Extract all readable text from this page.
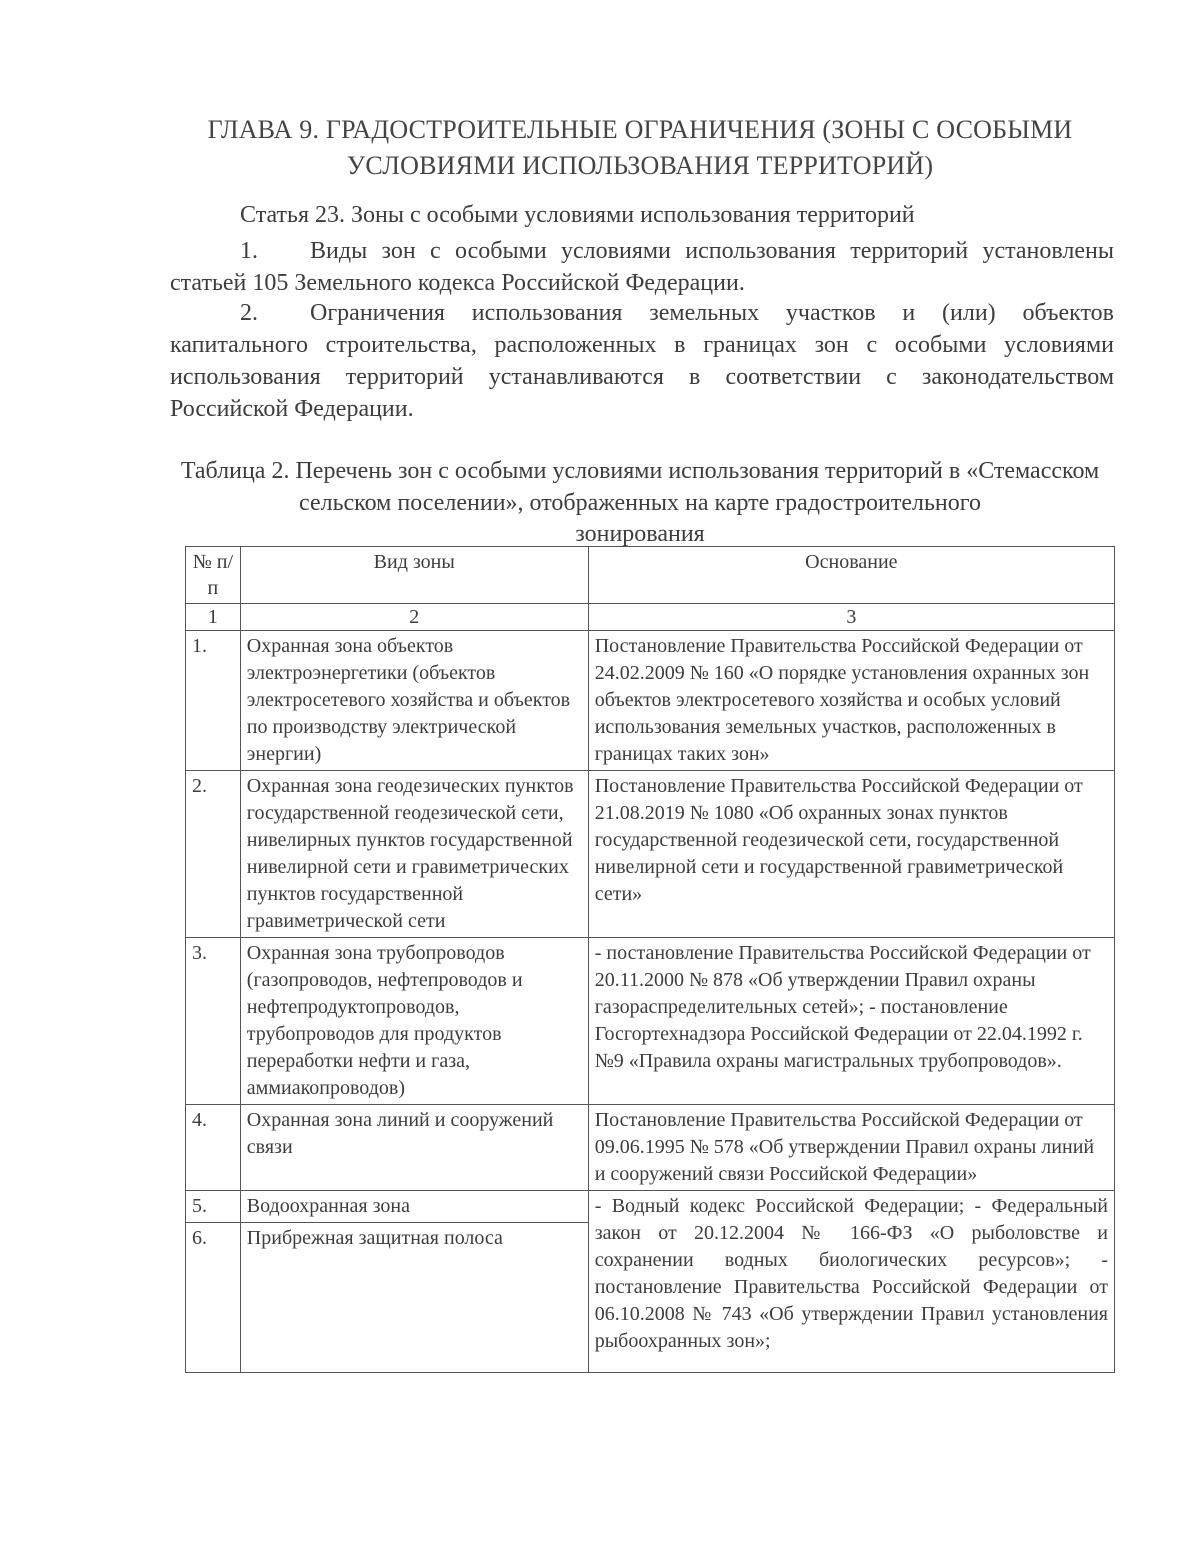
ГЛАВА 9. ГРАДОСТРОИТЕЛЬНЫЕ ОГРАНИЧЕНИЯ (ЗОНЫ С ОСОБЫМИ УСЛОВИЯМИ ИСПОЛЬЗОВАНИЯ ТЕРРИТОРИЙ)
Статья 23. Зоны с особыми условиями использования территорий
1. Виды зон с особыми условиями использования территорий установлены статьей 105 Земельного кодекса Российской Федерации.
2. Ограничения использования земельных участков и (или) объектов капитального строительства, расположенных в границах зон с особыми условиями использования территорий устанавливаются в соответствии с законодательством Российской Федерации.
Таблица 2. Перечень зон с особыми условиями использования территорий в «Стемасском сельском поселении», отображенных на карте градостроительного
зонирования
№ п/п	Вид зоны	Основание
1	2	3
1.	Охранная зона объектов электроэнергетики (объектов электросетевого хозяйства и объектов по производству электрической энергии)	Постановление Правительства Российской Федерации от 24.02.2009 № 160 «О порядке установления охранных зон объектов электросетевого хозяйства и особых условий использования земельных участков, расположенных в границах таких зон»
2.	Охранная зона геодезических пунктов государственной геодезической сети, нивелирных пунктов государственной нивелирной сети и гравиметрических пунктов государственной гравиметрической сети	Постановление Правительства Российской Федерации от 21.08.2019 № 1080 «Об охранных зонах пунктов государственной геодезической сети, государственной нивелирной сети и государственной гравиметрической сети»
3.	Охранная зона трубопроводов (газопроводов, нефтепроводов и нефтепродуктопроводов, трубопроводов для продуктов переработки нефти и газа, аммиакопроводов)	- постановление Правительства Российской Федерации от 20.11.2000 № 878 «Об утверждении Правил охраны газораспределительных сетей»; - постановление Госгортехнадзора Российской Федерации от 22.04.1992 г. №9 «Правила охраны магистральных трубопроводов».
4.	Охранная зона линий и сооружений связи	Постановление Правительства Российской Федерации от 09.06.1995 № 578 «Об утверждении Правил охраны линий и сооружений связи Российской Федерации»
5.	Водоохранная зона	- Водный кодекс Российской Федерации; - Федеральный закон от 20.12.2004 № 166-ФЗ «О рыболовстве и сохранении водных биологических ресурсов»; - постановление Правительства Российской Федерации от 06.10.2008 № 743 «Об утверждении Правил установления рыбоохранных зон»;
6.	Прибрежная защитная полоса	
